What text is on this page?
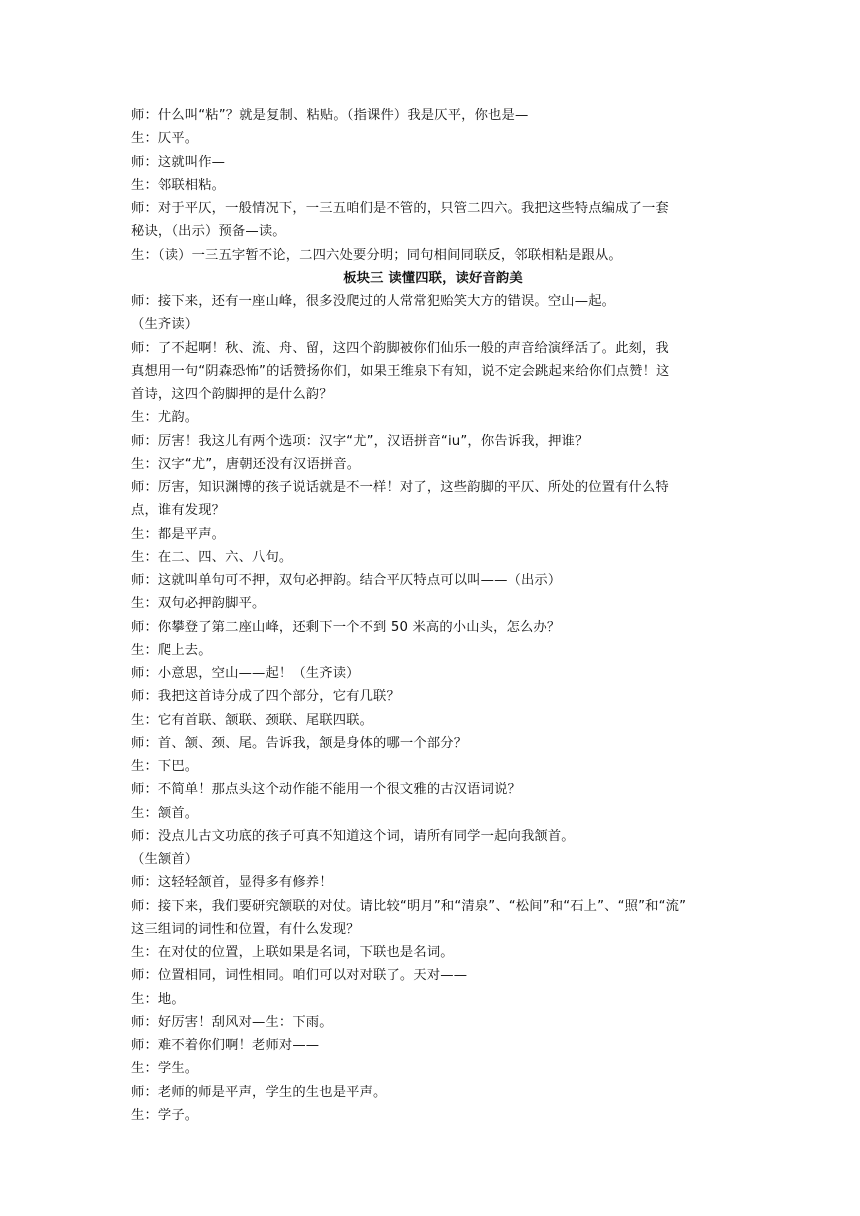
师：什么叫“粘”？就是复制、粘贴。（指课件）我是仄平，你也是—
生：仄平。
师：这就叫作—
生：邻联相粘。
师：对于平仄，一般情况下，一三五咱们是不管的，只管二四六。我把这些特点编成了一套
秘诀，（出示）预备—读。
生：（读）一三五字暂不论，二四六处要分明；同句相间同联反，邻联相粘是跟从。
板块三 读懂四联，读好音韵美
师：接下来，还有一座山峰，很多没爬过的人常常犯贻笑大方的错误。空山—起。
（生齐读）
师：了不起啊！秋、流、舟、留，这四个韵脚被你们仙乐一般的声音给演绎活了。此刻，我
真想用一句“阴森恐怖”的话赞扬你们，如果王维泉下有知，说不定会跳起来给你们点赞！这
首诗，这四个韵脚押的是什么韵？
生：尤韵。
师：厉害！我这儿有两个选项：汉字“尤”，汉语拼音“iu”，你告诉我，押谁？
生：汉字“尤”，唐朝还没有汉语拼音。
师：厉害，知识渊博的孩子说话就是不一样！对了，这些韵脚的平仄、所处的位置有什么特
点，谁有发现？
生：都是平声。
生：在二、四、六、八句。
师：这就叫单句可不押，双句必押韵。结合平仄特点可以叫——（出示）
生：双句必押韵脚平。
师：你攀登了第二座山峰，还剩下一个不到 50 米高的小山头，怎么办？
生：爬上去。
师：小意思，空山——起！（生齐读）
师：我把这首诗分成了四个部分，它有几联？
生：它有首联、颔联、颈联、尾联四联。
师：首、颔、颈、尾。告诉我，颔是身体的哪一个部分？
生：下巴。
师：不简单！那点头这个动作能不能用一个很文雅的古汉语词说？
生：颔首。
师：没点儿古文功底的孩子可真不知道这个词，请所有同学一起向我颔首。
（生颔首）
师：这轻轻颔首，显得多有修养！
师：接下来，我们要研究颔联的对仗。请比较“明月”和“清泉”、“松间”和“石上”、“照”和“流”
这三组词的词性和位置，有什么发现？
生：在对仗的位置，上联如果是名词，下联也是名词。
师：位置相同，词性相同。咱们可以对对联了。天对——
生：地。
师：好厉害！刮风对—生：下雨。
师：难不着你们啊！老师对——
生：学生。
师：老师的师是平声，学生的生也是平声。
生：学子。
